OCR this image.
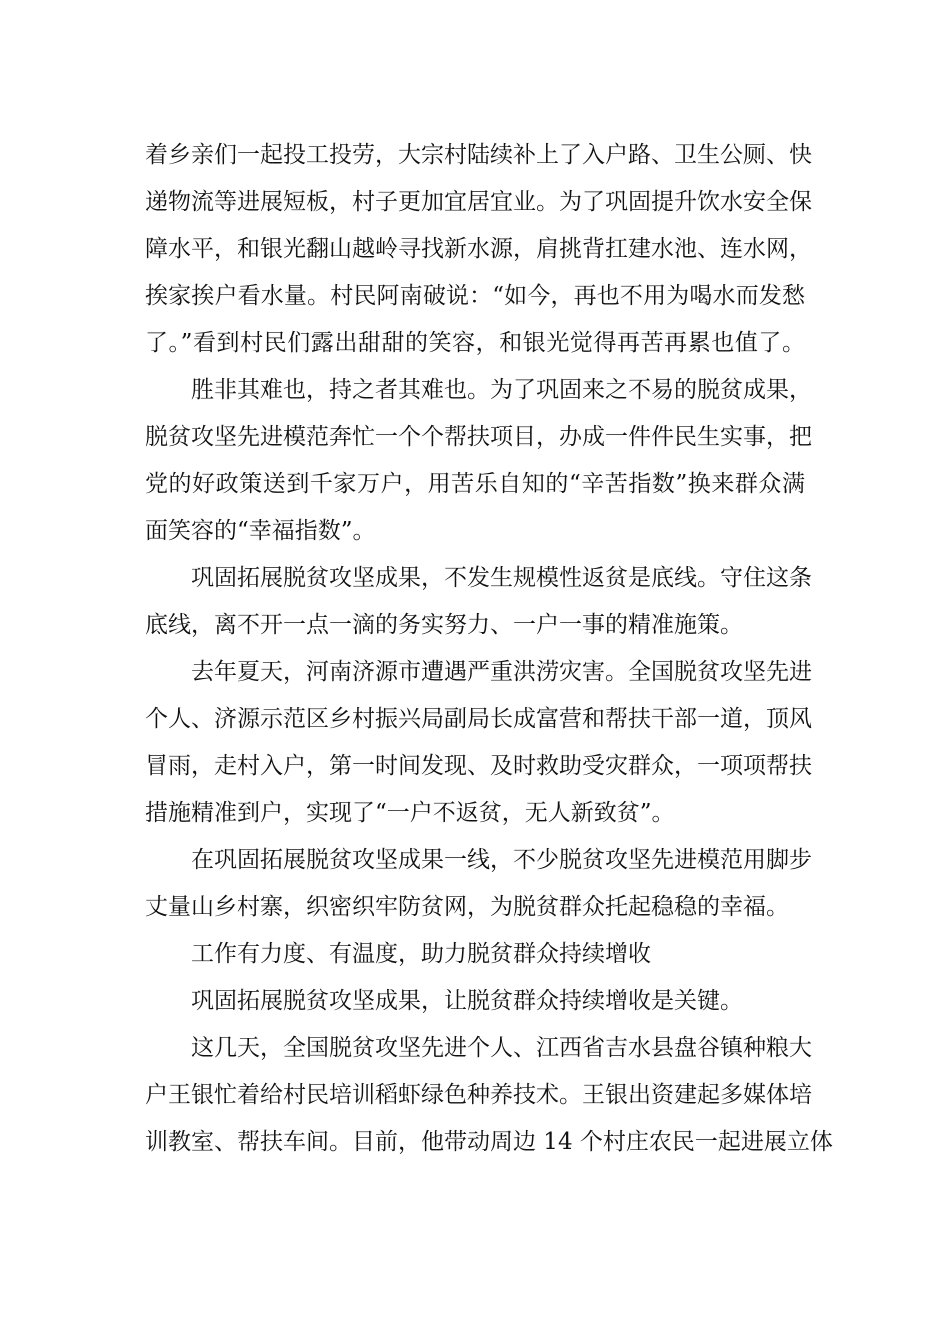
着乡亲们一起投工投劳，大宗村陆续补上了入户路、卫生公厕、快
递物流等进展短板，村子更加宜居宜业。为了巩固提升饮水安全保
障水平，和银光翻山越岭寻找新水源，肩挑背扛建水池、连水网，
挨家挨户看水量。村民阿南破说：“如今，再也不用为喝水而发愁
了。”看到村民们露出甜甜的笑容，和银光觉得再苦再累也值了。

胜非其难也，持之者其难也。为了巩固来之不易的脱贫成果，
脱贫攻坚先进模范奔忙一个个帮扶项目，办成一件件民生实事，把
党的好政策送到千家万户，用苦乐自知的“辛苦指数”换来群众满
面笑容的“幸福指数”。

巩固拓展脱贫攻坚成果，不发生规模性返贫是底线。守住这条
底线，离不开一点一滴的务实努力、一户一事的精准施策。

去年夏天，河南济源市遭遇严重洪涝灾害。全国脱贫攻坚先进
个人、济源示范区乡村振兴局副局长成富营和帮扶干部一道，顶风
冒雨，走村入户，第一时间发现、及时救助受灾群众，一项项帮扶
措施精准到户，实现了“一户不返贫，无人新致贫”。

在巩固拓展脱贫攻坚成果一线，不少脱贫攻坚先进模范用脚步
丈量山乡村寨，织密织牢防贫网，为脱贫群众托起稳稳的幸福。

工作有力度、有温度，助力脱贫群众持续增收

巩固拓展脱贫攻坚成果，让脱贫群众持续增收是关键。

这几天，全国脱贫攻坚先进个人、江西省吉水县盘谷镇种粮大
户王银忙着给村民培训稻虾绿色种养技术。王银出资建起多媒体培
训教室、帮扶车间。目前，他带动周边 14 个村庄农民一起进展立体
